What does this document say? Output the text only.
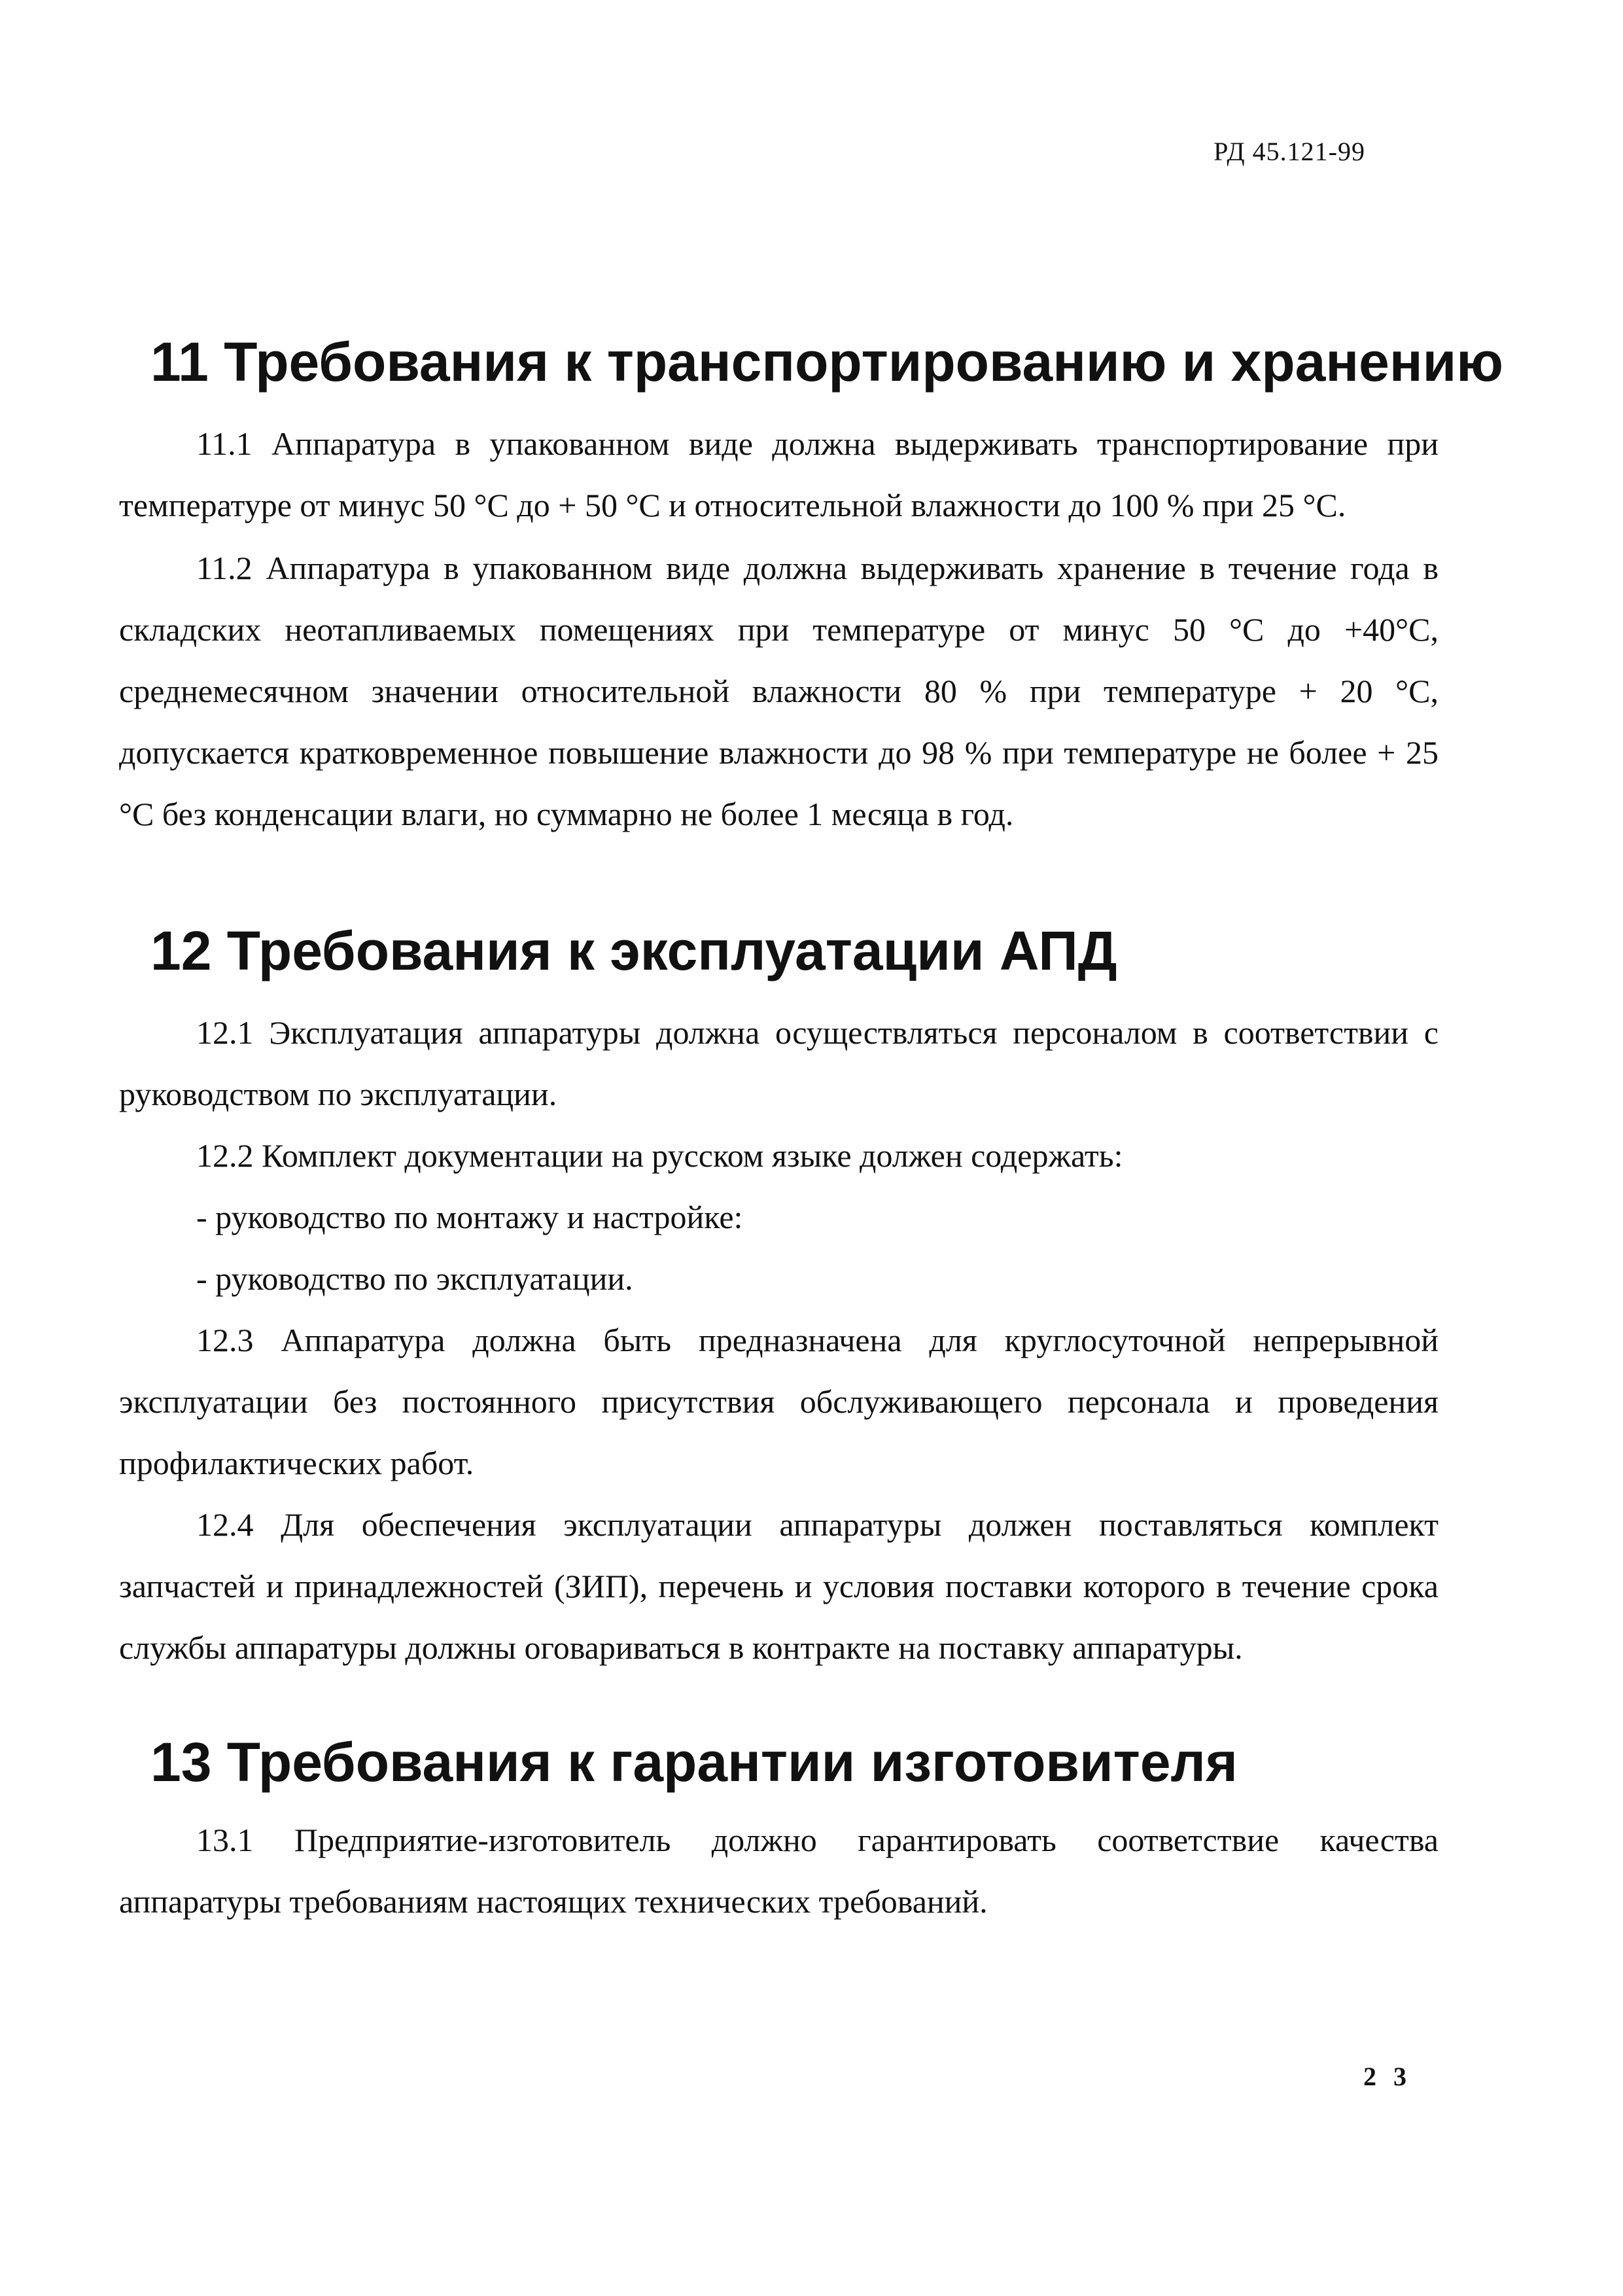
РД 45.121-99
11 Требования к транспортированию и хранению

11.1 Аппаратура в упакованном виде должна выдерживать транспортирование при температуре от минус 50 °С до + 50 °С и относительной влажности до 100 % при 25 °С.

11.2 Аппаратура в упакованном виде должна выдерживать хранение в течение года в складских неотапливаемых помещениях при температуре от минус 50 °С до +40°С, среднемесячном значении относительной влажности 80 % при температуре + 20 °С, допускается кратковременное повышение влажности до 98 % при температуре не более + 25 °С без конденсации влаги, но суммарно не более 1 месяца в год.

12 Требования к эксплуатации АПД

12.1 Эксплуатация аппаратуры должна осуществляться персоналом в соответствии с руководством по эксплуатации.

12.2 Комплект документации на русском языке должен содержать:

- руководство по монтажу и настройке:
- руководство по эксплуатации.

12.3 Аппаратура должна быть предназначена для круглосуточной непрерывной эксплуатации без постоянного присутствия обслуживающего персонала и проведения профилактических работ.

12.4 Для обеспечения эксплуатации аппаратуры должен поставляться комплект запчастей и принадлежностей (ЗИП), перечень и условия поставки которого в течение срока службы аппаратуры должны оговариваться в контракте на поставку аппаратуры.

13 Требования к гарантии изготовителя

13.1 Предприятие-изготовитель должно гарантировать соответствие качества аппаратуры требованиям настоящих технических требований.

2 3
